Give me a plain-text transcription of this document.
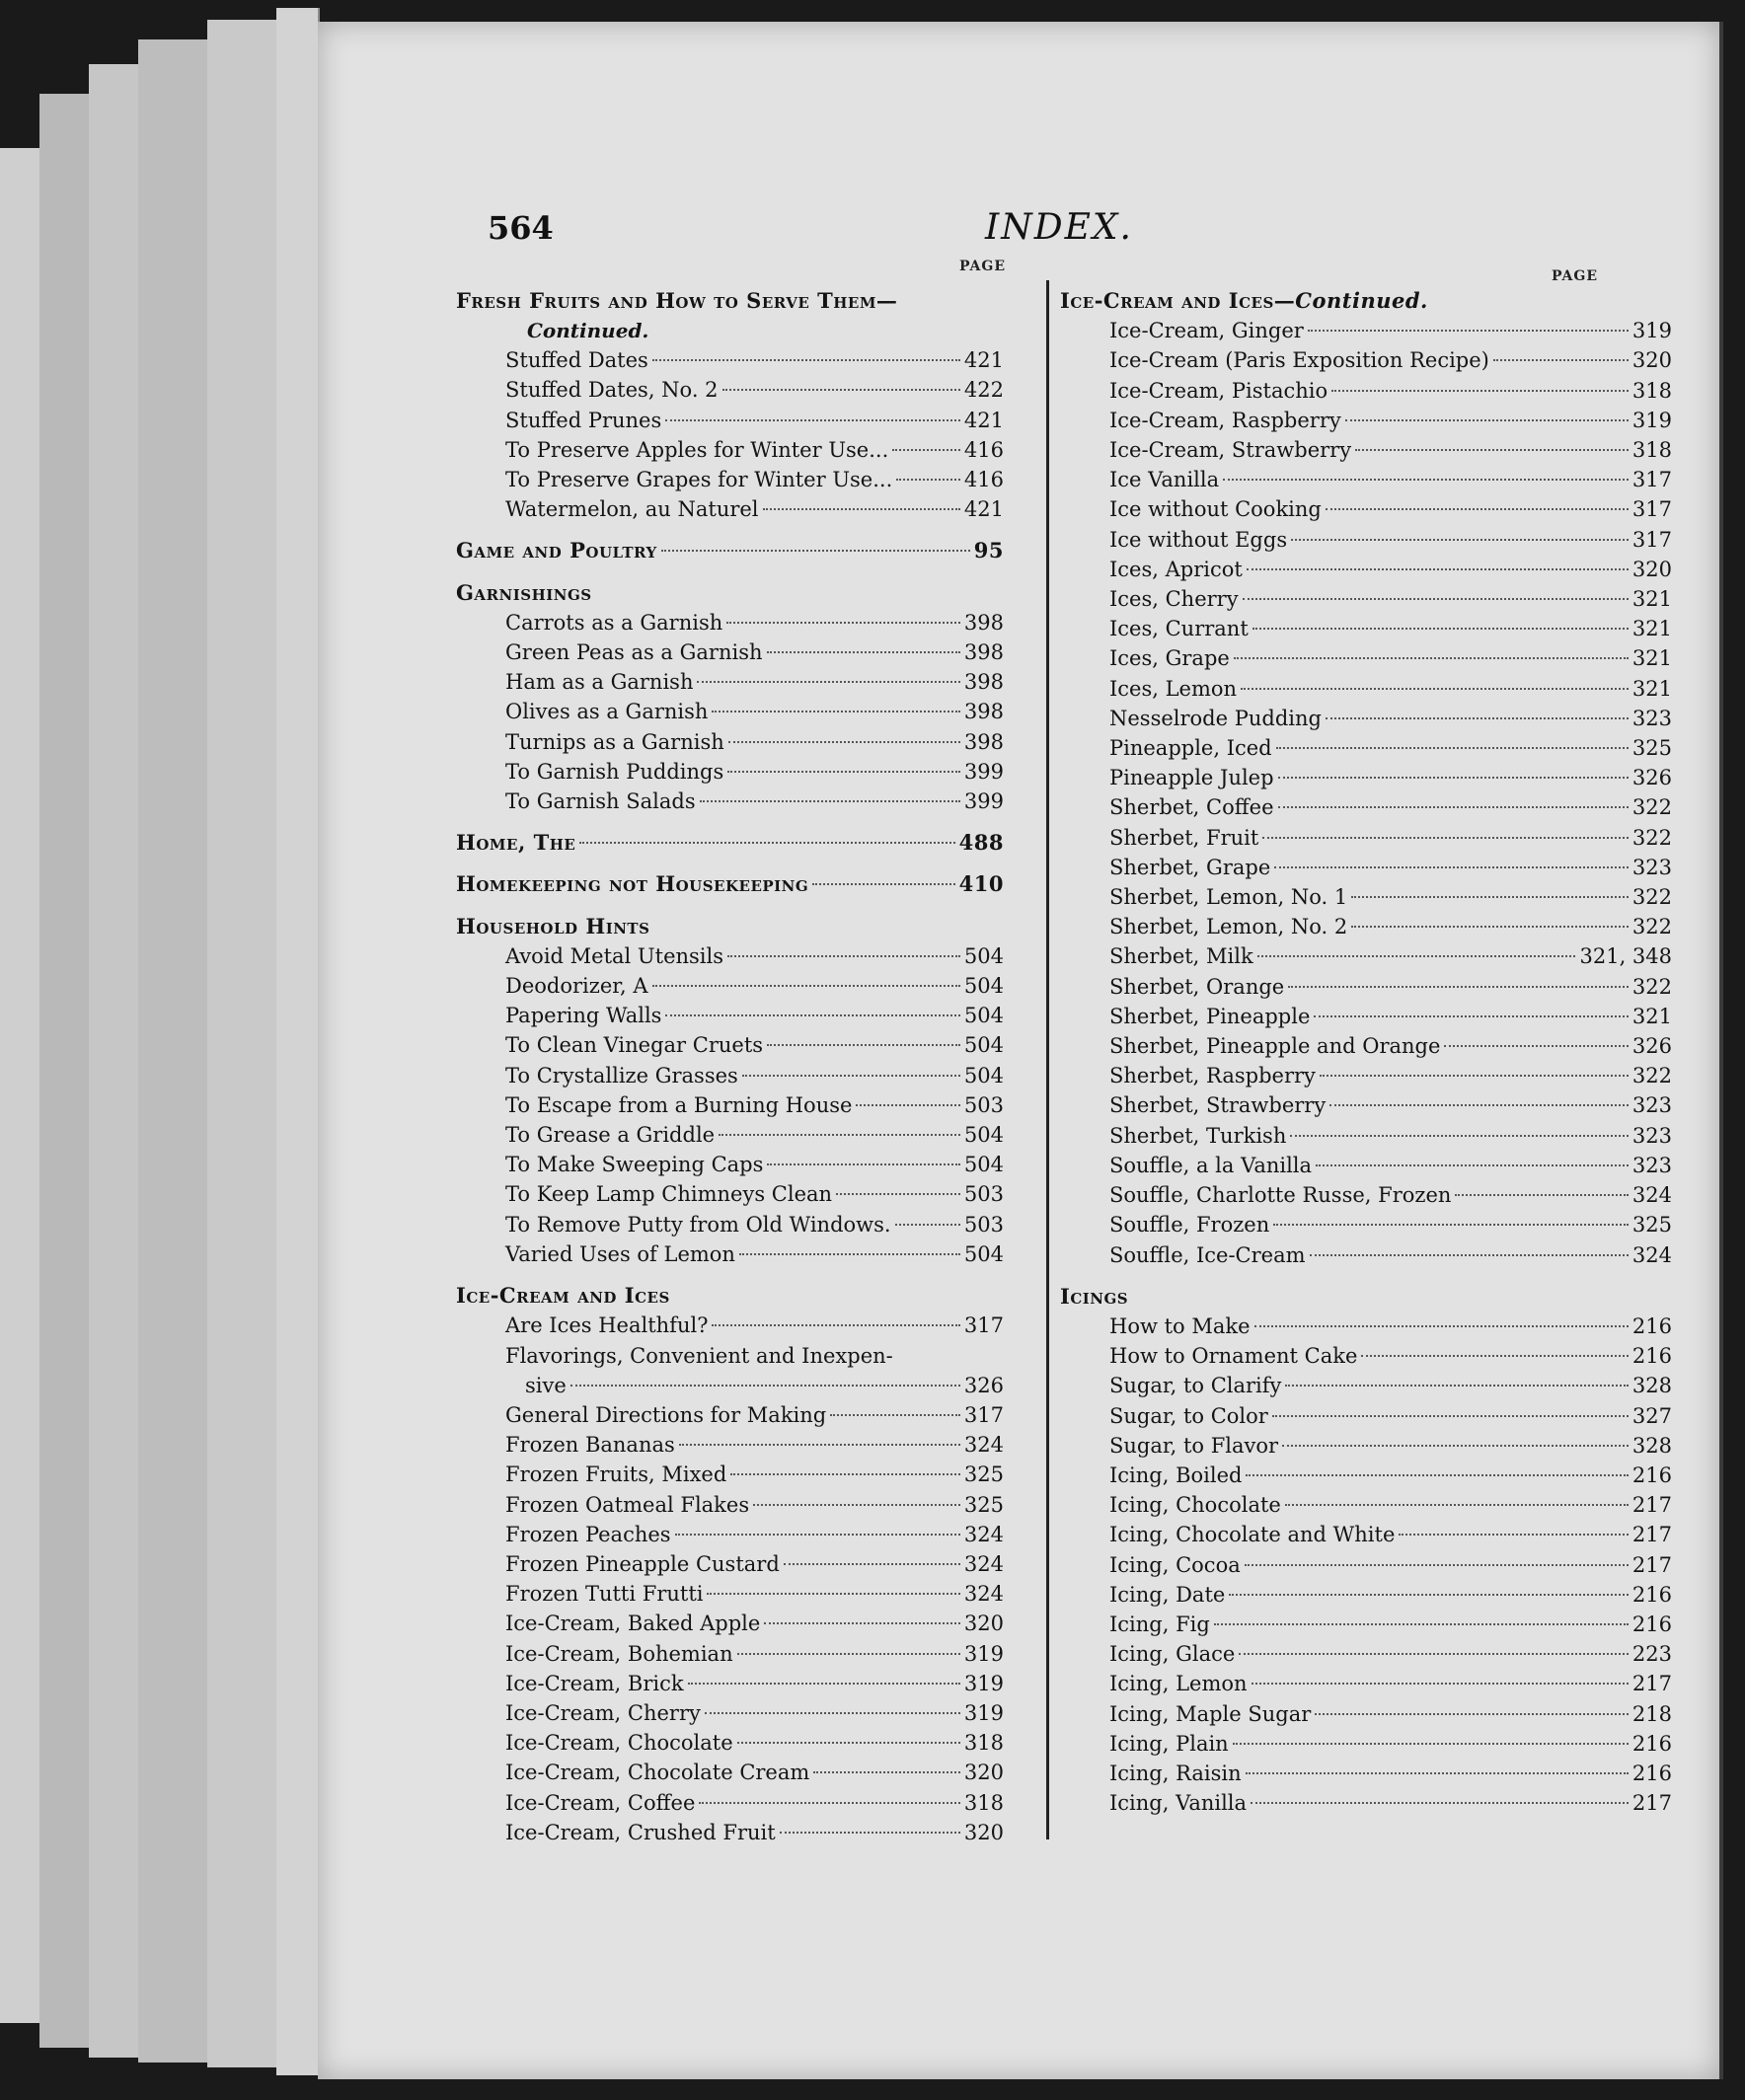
564	INDEX.
PAGE
PAGE
Fresh Fruits and How to Serve Them—
Continued.
Stuffed Dates	421
Stuffed Dates, No. 2	422
Stuffed Prunes	421
To Preserve Apples for Winter Use...	416
To Preserve Grapes for Winter Use...	416
Watermelon, au Naturel	421
Game and Poultry	95
Garnishings
Carrots as a Garnish	398
Green Peas as a Garnish	398
Ham as a Garnish	398
Olives as a Garnish	398
Turnips as a Garnish	398
To Garnish Puddings	399
To Garnish Salads	399
Home, The	488
Homekeeping not Housekeeping	410
Household Hints
Avoid Metal Utensils	504
Deodorizer, A	504
Papering Walls	504
To Clean Vinegar Cruets	504
To Crystallize Grasses	504
To Escape from a Burning House	503
To Grease a Griddle	504
To Make Sweeping Caps	504
To Keep Lamp Chimneys Clean	503
To Remove Putty from Old Windows.	503
Varied Uses of Lemon	504
Ice-Cream and Ices
Are Ices Healthful?	317
Flavorings, Convenient and Inexpen-
sive	326
General Directions for Making	317
Frozen Bananas	324
Frozen Fruits, Mixed	325
Frozen Oatmeal Flakes	325
Frozen Peaches	324
Frozen Pineapple Custard	324
Frozen Tutti Frutti	324
Ice-Cream, Baked Apple	320
Ice-Cream, Bohemian	319
Ice-Cream, Brick	319
Ice-Cream, Cherry	319
Ice-Cream, Chocolate	318
Ice-Cream, Chocolate Cream	320
Ice-Cream, Coffee	318
Ice-Cream, Crushed Fruit	320
Ice-Cream and Ices— Continued.
Ice-Cream, Ginger	319
Ice-Cream (Paris Exposition Recipe)	320
Ice-Cream, Pistachio	318
Ice-Cream, Raspberry	319
Ice-Cream, Strawberry	318
Ice Vanilla	317
Ice without Cooking	317
Ice without Eggs	317
Ices, Apricot	320
Ices, Cherry	321
Ices, Currant	321
Ices, Grape	321
Ices, Lemon	321
Nesselrode Pudding	323
Pineapple, Iced	325
Pineapple Julep	326
Sherbet, Coffee	322
Sherbet, Fruit	322
Sherbet, Grape	323
Sherbet, Lemon, No. 1	322
Sherbet, Lemon, No. 2	322
Sherbet, Milk	321, 348
Sherbet, Orange	322
Sherbet, Pineapple	321
Sherbet, Pineapple and Orange	326
Sherbet, Raspberry	322
Sherbet, Strawberry	323
Sherbet, Turkish	323
Souffle, a la Vanilla	323
Souffle, Charlotte Russe, Frozen	324
Souffle, Frozen	325
Souffle, Ice-Cream	324
Icings
How to Make	216
How to Ornament Cake	216
Sugar, to Clarify	328
Sugar, to Color	327
Sugar, to Flavor	328
Icing, Boiled	216
Icing, Chocolate	217
Icing, Chocolate and White	217
Icing, Cocoa	217
Icing, Date	216
Icing, Fig	216
Icing, Glace	223
Icing, Lemon	217
Icing, Maple Sugar	218
Icing, Plain	216
Icing, Raisin	216
Icing, Vanilla	217
